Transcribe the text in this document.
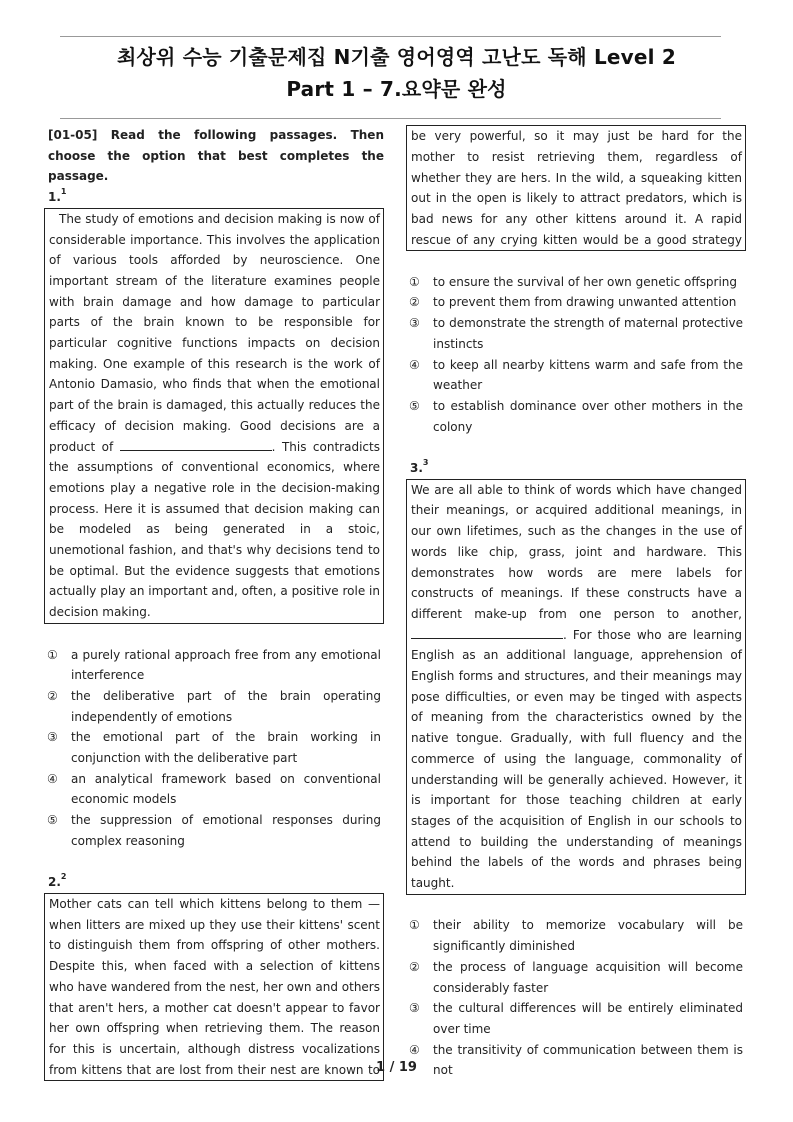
최상위 수능 기출문제집 N기출 영어영역 고난도 독해 Level 2
Part 1 – 7.요약문 완성
[01-05] Read the following passages. Then choose the option that best completes the passage.
1.$^1$

The study of emotions and decision making is now of considerable importance. This involves the application of various tools afforded by neuroscience. One important stream of the literature examines people with brain damage and how damage to particular parts of the brain known to be responsible for particular cognitive functions impacts on decision making. One example of this research is the work of Antonio Damasio, who finds that when the emotional part of the brain is damaged, this actually reduces the efficacy of decision making. Good decisions are a product of	. This contradicts the assumptions of conventional economics, where emotions play a negative role in the decision-making process. Here it is assumed that decision making can be modeled as being generated in a stoic, unemotional fashion, and that's why decisions tend to be optimal. But the evidence suggests that emotions actually play an important and, often, a positive role in decision making.

①	a purely rational approach free from any emotional interference
②	the deliberative part of the brain operating independently of emotions
③	the emotional part of the brain working in conjunction with the deliberative part
④	an analytical framework based on conventional economic models
⑤	the suppression of emotional responses during complex reasoning
2.$^2$

Mother cats can tell which kittens belong to them — when litters are mixed up they use their kittens' scent to distinguish them from offspring of other mothers. Despite this, when faced with a selection of kittens who have wandered from the nest, her own and others that aren't hers, a mother cat doesn't appear to favor her own offspring when retrieving them. The reason for this is uncertain, although distress vocalizations from kittens that are lost from their nest are known to

be very powerful, so it may just be hard for the mother to resist retrieving them, regardless of whether they are hers. In the wild, a squeaking kitten out in the open is likely to attract predators, which is bad news for any other kittens around it. A rapid rescue of any crying kitten would be a good strategy
①	to ensure the survival of her own genetic offspring
②	to prevent them from drawing unwanted attention
③	to demonstrate the strength of maternal protective instincts
④	to keep all nearby kittens warm and safe from the weather
⑤	to establish dominance over other mothers in the colony
3.$^3$

We are all able to think of words which have changed their meanings, or acquired additional meanings, in our own lifetimes, such as the changes in the use of words like chip, grass, joint and hardware. This demonstrates how words are mere labels for constructs of meanings. If these constructs have a different make-up from one person to another, . For those who are learning English as an additional language, apprehension of English forms and structures, and their meanings may pose difficulties, or even may be tinged with aspects of meaning from the characteristics owned by the native tongue. Gradually, with full fluency and the commerce of using the language, commonality of understanding will be generally achieved. However, it is important for those teaching children at early stages of the acquisition of English in our schools to attend to building the understanding of meanings behind the labels of the words and phrases being taught.

①	their ability to memorize vocabulary will be significantly diminished
②	the process of language acquisition will become considerably faster
③	the cultural differences will be entirely eliminated over time
④	the transitivity of communication between them is not
1 / 19
